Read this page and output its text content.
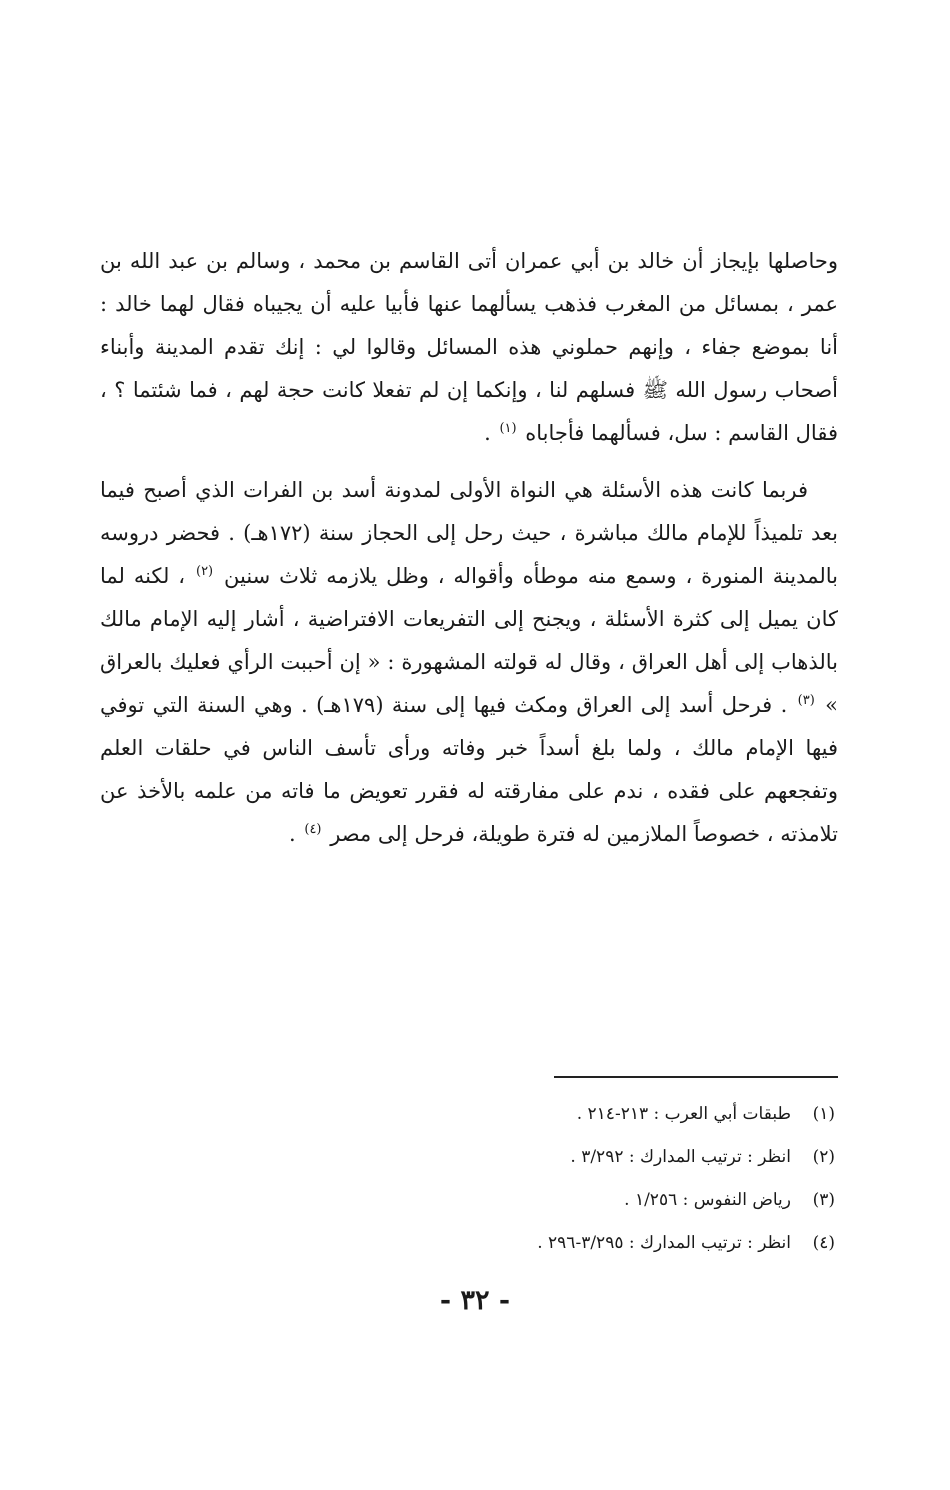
وحاصلها بإيجاز أن خالد بن أبي عمران أتى القاسم بن محمد ، وسالم بن عبد الله بن عمر ، بمسائل من المغرب فذهب يسألهما عنها فأبيا عليه أن يجيباه فقال لهما خالد : أنا بموضع جفاء ، وإنهم حملوني هذه المسائل وقالوا لي : إنك تقدم المدينة وأبناء أصحاب رسول الله ﷺ فسلهم لنا ، وإنكما إن لم تفعلا كانت حجة لهم ، فما شئتما ؟ ، فقال القاسم : سل، فسألهما فأجاباه $^{(١)}$ .

فربما كانت هذه الأسئلة هي النواة الأولى لمدونة أسد بن الفرات الذي أصبح فيما بعد تلميذاً للإمام مالك مباشرة ، حيث رحل إلى الحجاز سنة (١٧٢هـ) . فحضر دروسه بالمدينة المنورة ، وسمع منه موطأه وأقواله ، وظل يلازمه ثلاث سنين $^{(٢)}$ ، لكنه لما كان يميل إلى كثرة الأسئلة ، ويجنح إلى التفريعات الافتراضية ، أشار إليه الإمام مالك بالذهاب إلى أهل العراق ، وقال له قولته المشهورة : « إن أحببت الرأي فعليك بالعراق » $^{(٣)}$ . فرحل أسد إلى العراق ومكث فيها إلى سنة (١٧٩هـ) . وهي السنة التي توفي فيها الإمام مالك ، ولما بلغ أسداً خبر وفاته ورأى تأسف الناس في حلقات العلم وتفجعهم على فقده ، ندم على مفارقته له فقرر تعويض ما فاته من علمه بالأخذ عن تلامذته ، خصوصاً الملازمين له فترة طويلة، فرحل إلى مصر $^{(٤)}$ .

(١)طبقات أبي العرب : ٢١٣-٢١٤ .
(٢)انظر : ترتيب المدارك : ٣/٢٩٢ .
(٣)رياض النفوس : ١/٢٥٦ .
(٤)انظر : ترتيب المدارك : ٣/٢٩٥-٢٩٦ .
- ٣٢ -
